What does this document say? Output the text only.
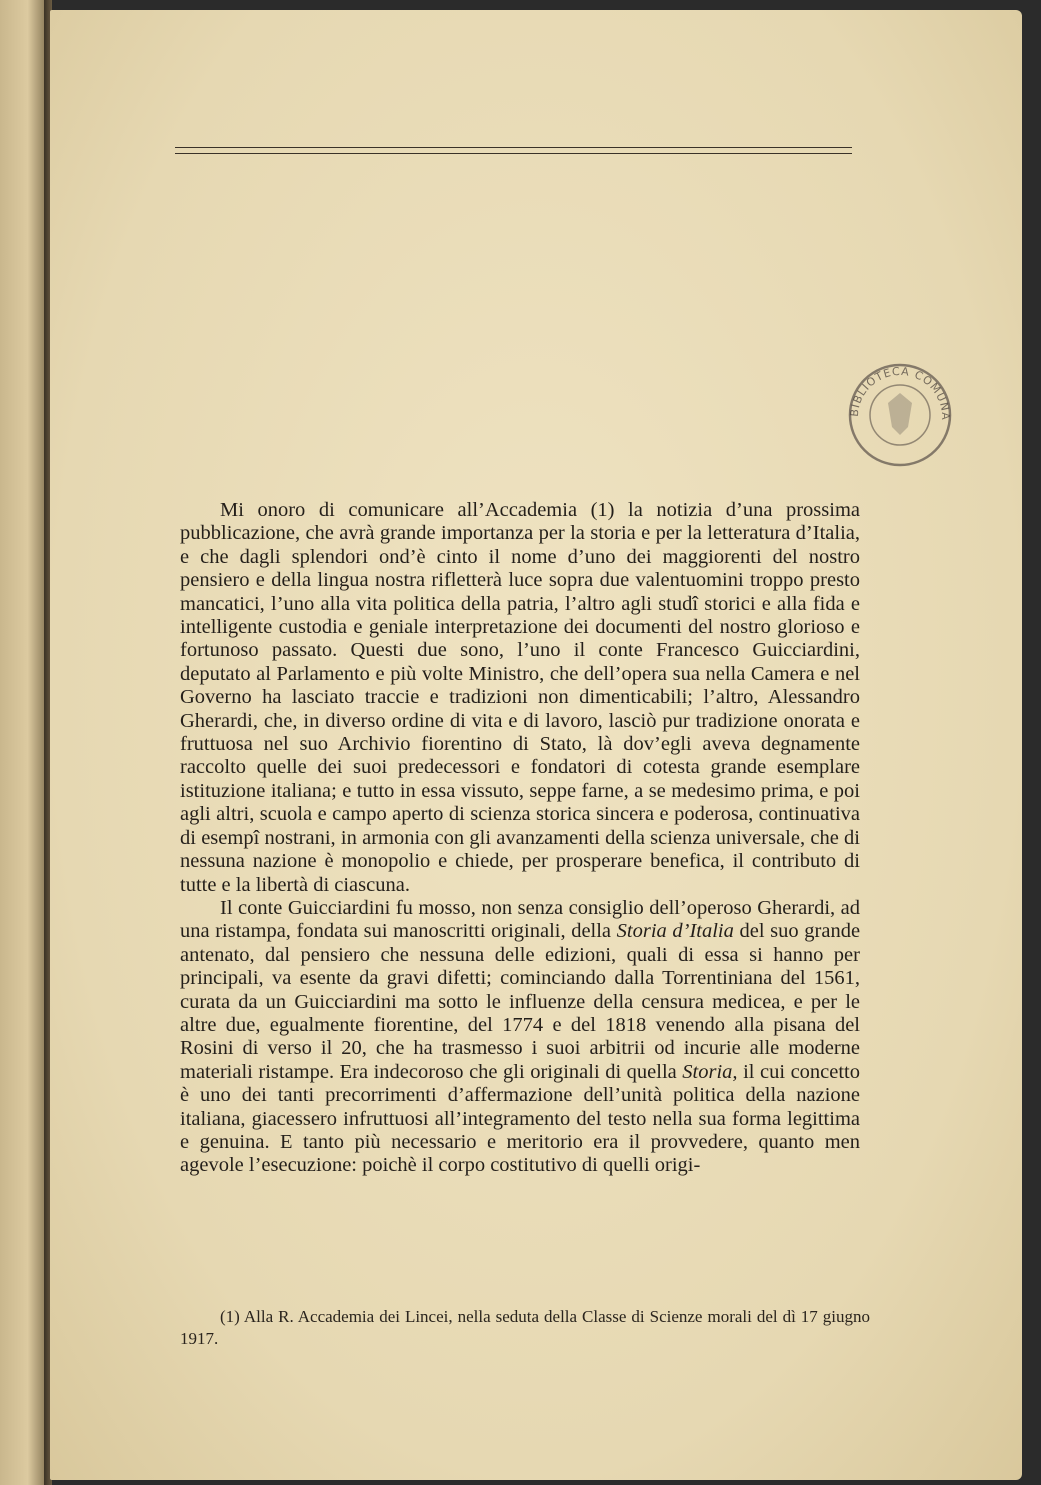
BIBLIOTECA COMUNA

Mi onoro di comunicare all’Accademia (1) la notizia d’una prossima pubblicazione, che avrà grande importanza per la storia e per la letteratura d’Italia, e che dagli splendori ond’è cinto il nome d’uno dei maggiorenti del nostro pensiero e della lingua nostra rifletterà luce sopra due valentuomini troppo presto mancatici, l’uno alla vita politica della patria, l’altro agli studî storici e alla fida e intelligente custodia e geniale interpretazione dei documenti del nostro glorioso e fortunoso passato. Questi due sono, l’uno il conte Francesco Guicciardini, deputato al Parlamento e più volte Ministro, che dell’opera sua nella Camera e nel Governo ha lasciato traccie e tradizioni non dimenticabili; l’altro, Alessandro Gherardi, che, in diverso ordine di vita e di lavoro, lasciò pur tradizione onorata e fruttuosa nel suo Archivio fiorentino di Stato, là dov’egli aveva degnamente raccolto quelle dei suoi predecessori e fondatori di cotesta grande esemplare istituzione italiana; e tutto in essa vissuto, seppe farne, a se medesimo prima, e poi agli altri, scuola e campo aperto di scienza storica sincera e poderosa, continuativa di esempî nostrani, in armonia con gli avanzamenti della scienza universale, che di nessuna nazione è monopolio e chiede, per prosperare benefica, il contributo di tutte e la libertà di ciascuna.

Il conte Guicciardini fu mosso, non senza consiglio dell’operoso Gherardi, ad una ristampa, fondata sui manoscritti originali, della Storia d’Italia del suo grande antenato, dal pensiero che nessuna delle edizioni, quali di essa si hanno per principali, va esente da gravi difetti; cominciando dalla Torrentiniana del 1561, curata da un Guicciardini ma sotto le influenze della censura medicea, e per le altre due, egualmente fiorentine, del 1774 e del 1818 venendo alla pisana del Rosini di verso il 20, che ha trasmesso i suoi arbitrii od incurie alle moderne materiali ristampe. Era indecoroso che gli originali di quella Storia, il cui concetto è uno dei tanti precorrimenti d’affermazione dell’unità politica della nazione italiana, giacessero infruttuosi all’integramento del testo nella sua forma legittima e genuina. E tanto più necessario e meritorio era il provvedere, quanto men agevole l’esecuzione: poichè il corpo costitutivo di quelli origi-

(1) Alla R. Accademia dei Lincei, nella seduta della Classe di Scienze morali del dì 17 giugno 1917.
